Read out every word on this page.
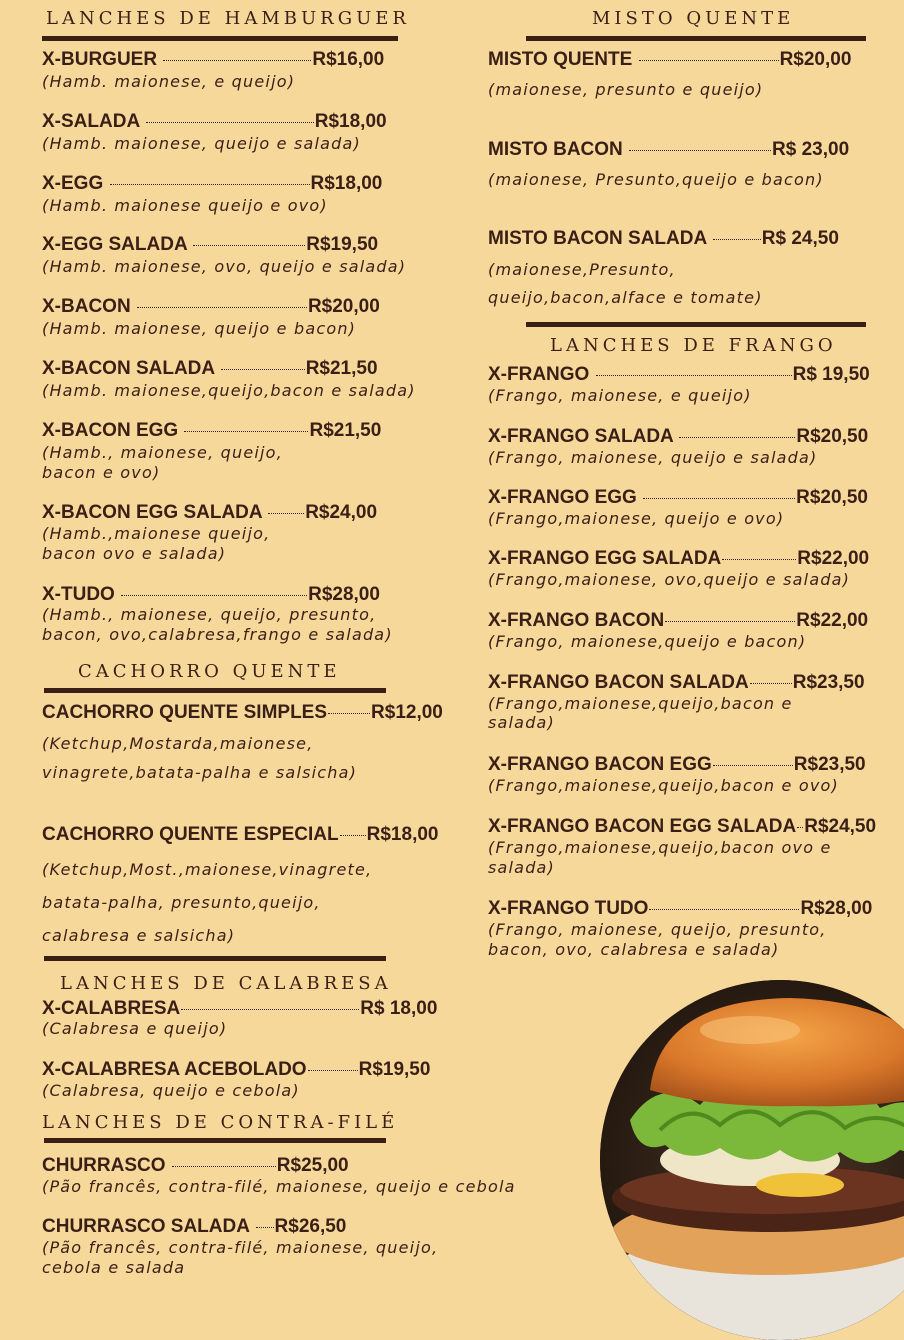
LANCHES DE HAMBURGUER
X-BURGUER	R$16,00
(Hamb. maionese, e queijo)
X-SALADA	R$18,00
(Hamb. maionese, queijo e salada)
X-EGG	R$18,00
(Hamb. maionese queijo e ovo)
X-EGG SALADA	R$19,50
(Hamb. maionese, ovo, queijo e salada)
X-BACON	R$20,00
(Hamb. maionese, queijo e bacon)
X-BACON SALADA	R$21,50
(Hamb. maionese,queijo,bacon e salada)
X-BACON EGG	R$21,50
(Hamb., maionese, queijo,
bacon e ovo)
X-BACON EGG SALADA R$24,00
(Hamb.,maionese queijo,
bacon ovo e salada)
X-TUDO	R$28,00
(Hamb., maionese, queijo, presunto,
bacon, ovo,calabresa,frango e salada)
CACHORRO QUENTE
CACHORRO QUENTE SIMPLES R$12,00
(Ketchup,Mostarda,maionese,
vinagrete,batata-palha e salsicha)
CACHORRO QUENTE ESPECIAL R$18,00
(Ketchup,Most.,maionese,vinagrete,
batata-palha, presunto,queijo,
calabresa e salsicha)
LANCHES DE CALABRESA
X-CALABRESA	R$ 18,00
(Calabresa e queijo)
X-CALABRESA ACEBOLADO	R$19,50
(Calabresa, queijo e cebola)
LANCHES DE CONTRA-FILÉ
CHURRASCO	R$25,00
(Pão francês, contra-filé, maionese, queijo e cebola
CHURRASCO SALADA R$26,50
(Pão francês, contra-filé, maionese, queijo,
cebola e salada
MISTO QUENTE
MISTO QUENTE	R$20,00
(maionese, presunto e queijo)
MISTO BACON	R$ 23,00
(maionese, Presunto,queijo e bacon)
MISTO BACON SALADA	R$ 24,50
(maionese,Presunto,
queijo,bacon,alface e tomate)
LANCHES DE FRANGO
X-FRANGO	R$ 19,50
(Frango, maionese, e queijo)
X-FRANGO SALADA	R$20,50
(Frango, maionese, queijo e salada)
X-FRANGO EGG	R$20,50
(Frango,maionese, queijo e ovo)
X-FRANGO EGG SALADA	R$22,00
(Frango,maionese, ovo,queijo e salada)
X-FRANGO BACON	R$22,00
(Frango, maionese,queijo e bacon)
X-FRANGO BACON SALADA R$23,50
(Frango,maionese,queijo,bacon e
salada)
X-FRANGO BACON EGG	R$23,50
(Frango,maionese,queijo,bacon e ovo)
X-FRANGO BACON EGG SALADA R$24,50
(Frango,maionese,queijo,bacon ovo e
salada)
X-FRANGO TUDO	R$28,00
(Frango, maionese, queijo, presunto,
bacon, ovo, calabresa e salada)
